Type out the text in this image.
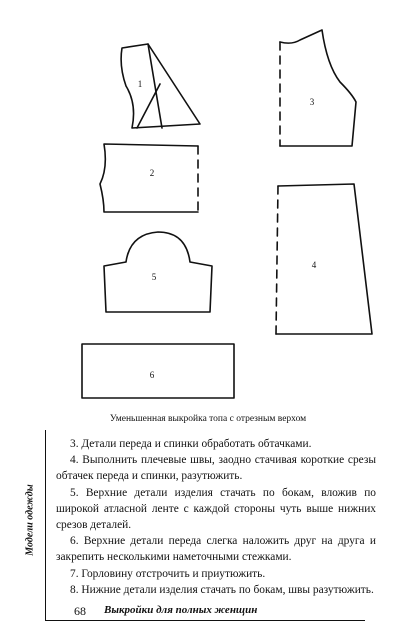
1
2
3
4
5
6
Уменьшенная выкройка топа с отрезным верхом
Модели одежды

3. Детали переда и спинки обработать обтачками.

4. Выполнить плечевые швы, заодно стачивая короткие срезы обтачек переда и спинки, разутюжить.

5. Верхние детали изделия стачать по бокам, вложив по широкой атласной ленте с каждой стороны чуть выше нижних срезов деталей.

6. Верхние детали переда слегка наложить друг на друга и закрепить несколькими наметочными стежками.

7. Горловину отстрочить и приутюжить.

8. Нижние детали изделия стачать по бокам, швы разутюжить.

68 Выкройки для полных женщин
